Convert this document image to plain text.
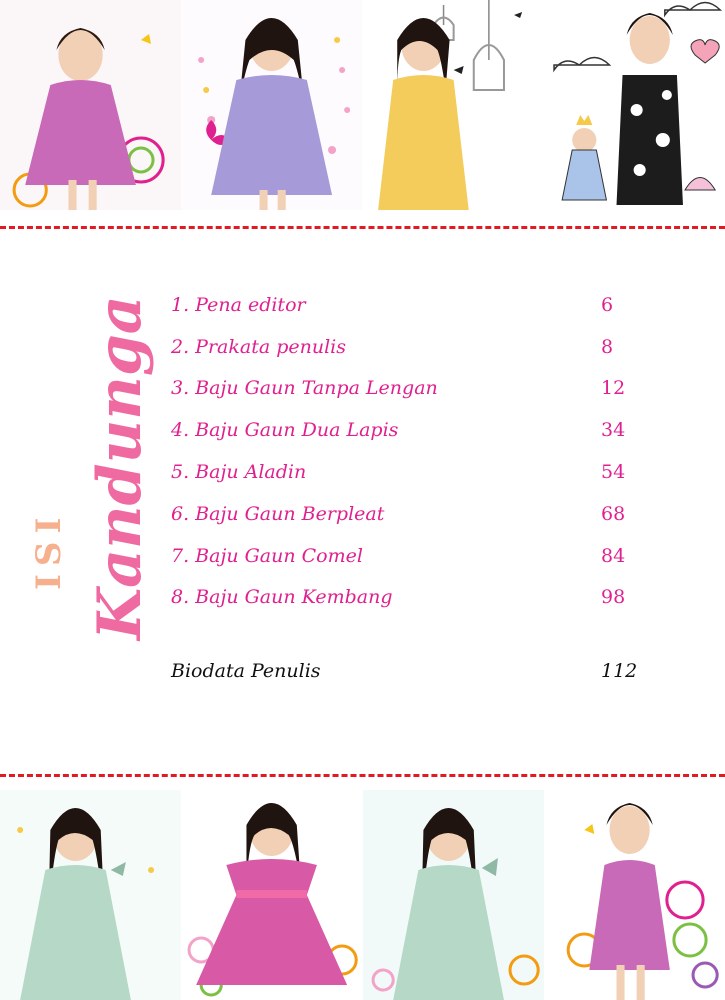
ISI Kandungan 1. Pena editor	6
2. Prakata penulis	8
3. Baju Gaun Tanpa Lengan	12
4. Baju Gaun Dua Lapis	34
5. Baju Aladin	54
6. Baju Gaun Berpleat	68
7. Baju Gaun Comel	84
8. Baju Gaun Kembang	98
Biodata Penulis	112
